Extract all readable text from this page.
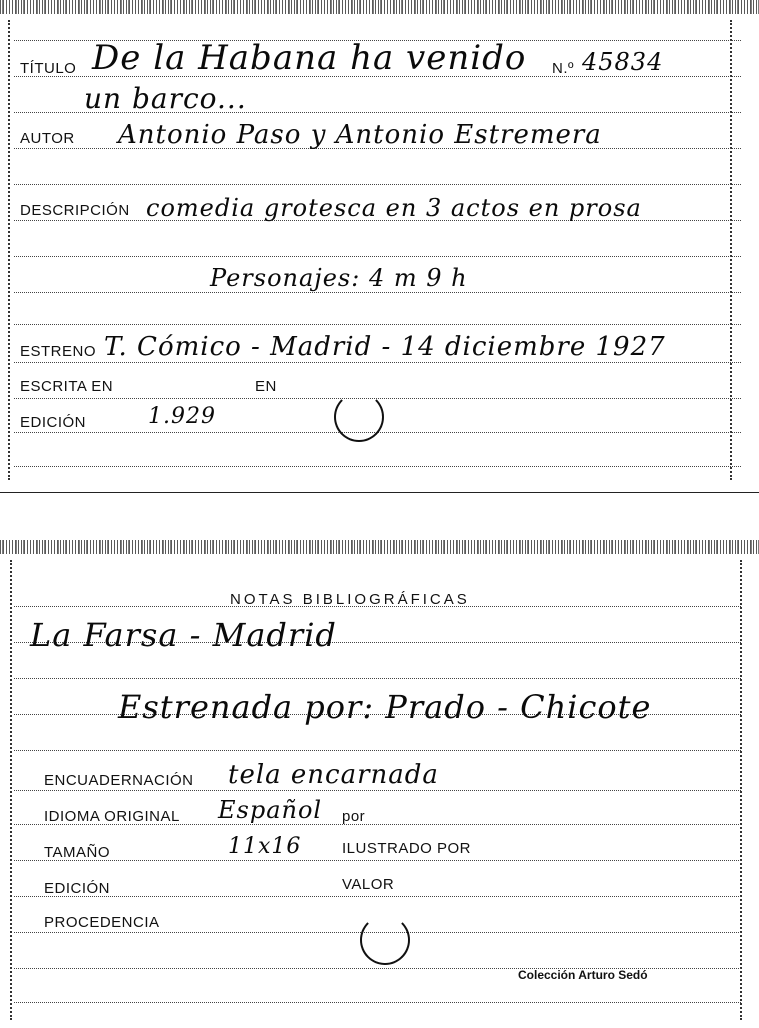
TÍTULO De la Habana ha venido N.º 45834
un barco...
AUTOR Antonio Paso y Antonio Estremera
DESCRIPCIÓN comedia grotesca en 3 actos en prosa
Personajes: 4 m 9 h
ESTRENO T. Cómico - Madrid - 14 diciembre 1927
ESCRITA EN	EN
EDICIÓN	1.929
NOTAS BIBLIOGRÁFICAS
La Farsa - Madrid
Estrenada por: Prado - Chicote
ENCUADERNACIÓN tela encarnada
IDIOMA ORIGINAL Español por
TAMAÑO	11x16	ILUSTRADO POR
EDICIÓN	VALOR
PROCEDENCIA
Colección Arturo Sedó
